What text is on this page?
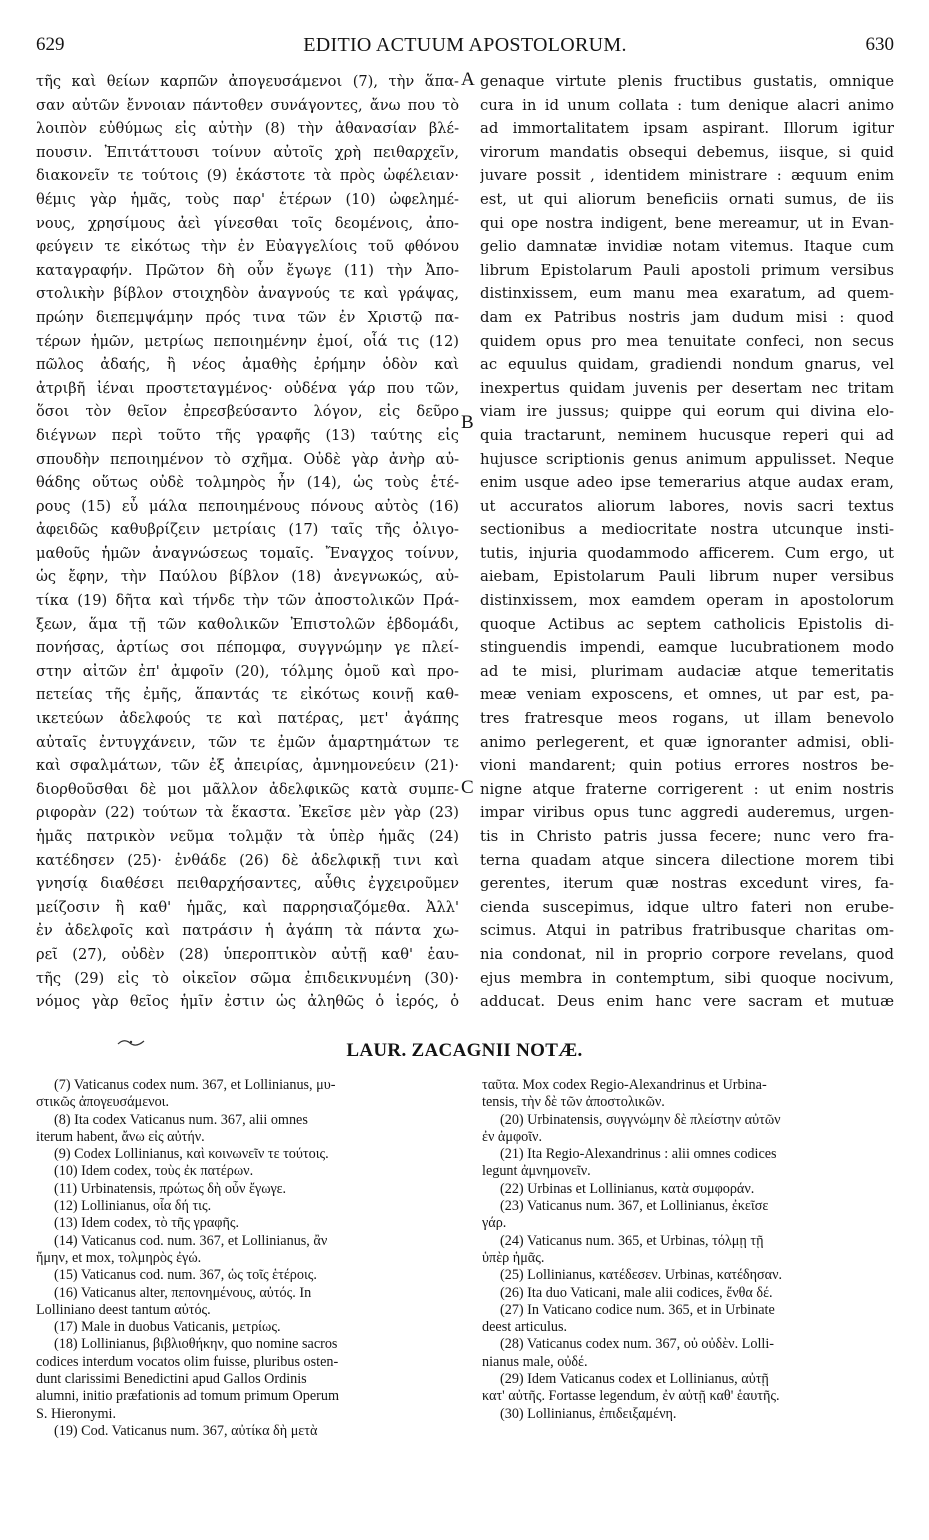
629	EDITIO ACTUUM APOSTOLORUM.	630
τῆς καὶ θείων καρπῶν ἀπογευσάμενοι (7), τὴν ἅπα-
σαν αὐτῶν ἔννοιαν πάντοθεν συνάγοντες, ἄνω που τὸ
λοιπὸν εὐθύμως εἰς αὐτὴν (8) τὴν ἀθανασίαν βλέ-
πουσιν. Ἐπιτάττουσι τοίνυν αὐτοῖς χρὴ πειθαρχεῖν,
διακονεῖν τε τούτοις (9) ἑκάστοτε τὰ πρὸς ὠφέλειαν·
θέμις γὰρ ἡμᾶς, τοὺς παρ' ἑτέρων (10) ὠφελημέ-
νους, χρησίμους ἀεὶ γίνεσθαι τοῖς δεομένοις, ἀπο-
φεύγειν τε εἰκότως τὴν ἐν Εὐαγγελίοις τοῦ φθόνου
καταγραφήν. Πρῶτον δὴ οὖν ἔγωγε (11) τὴν Ἀπο-
στολικὴν βίβλον στοιχηδὸν ἀναγνούς τε καὶ γράψας,
πρώην διεπεμψάμην πρός τινα τῶν ἐν Χριστῷ πα-
τέρων ἡμῶν, μετρίως πεποιημένην ἐμοί, οἷά τις (12)
πῶλος ἀδαής, ἢ νέος ἀμαθὴς ἐρήμην ὁδὸν καὶ
ἀτριβῆ ἰέναι προστεταγμένος· οὐδένα γάρ που τῶν,
ὅσοι τὸν θεῖον ἐπρεσβεύσαντο λόγον, εἰς δεῦρο
διέγνων περὶ τοῦτο τῆς γραφῆς (13) ταύτης εἰς
σπουδὴν πεποιημένον τὸ σχῆμα. Οὐδὲ γὰρ ἀνὴρ αὐ-
θάδης οὕτως οὐδὲ τολμηρὸς ἦν (14), ὡς τοὺς ἑτέ-
ρους (15) εὖ μάλα πεποιημένους πόνους αὐτὸς (16)
ἀφειδῶς καθυβρίζειν μετρίαις (17) ταῖς τῆς ὀλιγο-
μαθοῦς ἡμῶν ἀναγνώσεως τομαῖς. Ἔναγχος τοίνυν,
ὡς ἔφην, τὴν Παύλου βίβλον (18) ἀνεγνωκώς, αὐ-
τίκα (19) δῆτα καὶ τήνδε τὴν τῶν ἀποστολικῶν Πρά-
ξεων, ἅμα τῇ τῶν καθολικῶν Ἐπιστολῶν ἑβδομάδι,
πονήσας, ἀρτίως σοι πέπομφα, συγγνώμην γε πλεί-
στην αἰτῶν ἐπ' ἀμφοῖν (20), τόλμης ὁμοῦ καὶ προ-
πετείας τῆς ἐμῆς, ἅπαντάς τε εἰκότως κοινῇ καθ-
ικετεύων ἀδελφούς τε καὶ πατέρας, μετ' ἀγάπης
αὐταῖς ἐντυγχάνειν, τῶν τε ἐμῶν ἁμαρτημάτων τε
καὶ σφαλμάτων, τῶν ἐξ ἀπειρίας, ἀμνημονεύειν (21)·
διορθοῦσθαι δὲ μοι μᾶλλον ἀδελφικῶς κατὰ συμπε-
ριφορὰν (22) τούτων τὰ ἕκαστα. Ἐκεῖσε μὲν γὰρ (23)
ἡμᾶς πατρικὸν νεῦμα τολμᾷν τὰ ὑπὲρ ἡμᾶς (24)
κατέδησεν (25)· ἐνθάδε (26) δὲ ἀδελφικῇ τινι καὶ
γνησίᾳ διαθέσει πειθαρχήσαντες, αὖθις ἐγχειροῦμεν
μείζοσιν ἢ καθ' ἡμᾶς, καὶ παρρησιαζόμεθα. Ἀλλ'
ἐν ἀδελφοῖς καὶ πατράσιν ἡ ἀγάπη τὰ πάντα χω-
ρεῖ (27), οὐδὲν (28) ὑπεροπτικὸν αὐτῇ καθ' ἑαυ-
τῆς (29) εἰς τὸ οἰκεῖον σῶμα ἐπιδεικνυμένη (30)·
νόμος γὰρ θεῖος ἡμῖν ἐστιν ὡς ἀληθῶς ὁ ἱερός, ὁ
A
B
C
genaque virtute plenis fructibus gustatis, omnique
cura in id unum collata : tum denique alacri animo
ad immortalitatem ipsam aspirant. Illorum igitur
virorum mandatis obsequi debemus, iisque, si quid
juvare possit , identidem ministrare : æquum enim
est, ut qui aliorum beneficiis ornati sumus, de iis
qui ope nostra indigent, bene mereamur, ut in Evan-
gelio damnatæ invidiæ notam vitemus. Itaque cum
librum Epistolarum Pauli apostoli primum versibus
distinxissem, eum manu mea exaratum, ad quem-
dam ex Patribus nostris jam dudum misi : quod
quidem opus pro mea tenuitate confeci, non secus
ac equulus quidam, gradiendi nondum gnarus, vel
inexpertus quidam juvenis per desertam nec tritam
viam ire jussus; quippe qui eorum qui divina elo-
quia tractarunt, neminem hucusque reperi qui ad
hujusce scriptionis genus animum appulisset. Neque
enim usque adeo ipse temerarius atque audax eram,
ut accuratos aliorum labores, novis sacri textus
sectionibus a mediocritate nostra utcunque insti-
tutis, injuria quodammodo afficerem. Cum ergo, ut
aiebam, Epistolarum Pauli librum nuper versibus
distinxissem, mox eamdem operam in apostolorum
quoque Actibus ac septem catholicis Epistolis di-
stinguendis impendi, eamque lucubrationem modo
ad te misi, plurimam audaciæ atque temeritatis
meæ veniam exposcens, et omnes, ut par est, pa-
tres fratresque meos rogans, ut illam benevolo
animo perlegerent, et quæ ignoranter admisi, obli-
vioni mandarent; quin potius errores nostros be-
nigne atque fraterne corrigerent : ut enim nostris
impar viribus opus tunc aggredi auderemus, urgen-
tis in Christo patris jussa fecere; nunc vero fra-
terna quadam atque sincera dilectione morem tibi
gerentes, iterum quæ nostras excedunt vires, fa-
cienda suscepimus, idque ultro fateri non erube-
scimus. Atqui in patribus fratribusque charitas om-
nia condonat, nil in proprio corpore revelans, quod
ejus membra in contemptum, sibi quoque nocivum,
adducat. Deus enim hanc vere sacram et mutuæ
LAUR. ZACAGNII NOTÆ.
(7) Vaticanus codex num. 367, et Lollinianus, μυ-
στικῶς ἀπογευσάμενοι.
(8) Ita codex Vaticanus num. 367, alii omnes
iterum habent, ἄνω εἰς αὐτήν.
(9) Codex Lollinianus, καὶ κοινωνεῖν τε τούτοις.
(10) Idem codex, τοὺς ἐκ πατέρων.
(11) Urbinatensis, πρώτως δὴ οὖν ἔγωγε.
(12) Lollinianus, οἷα δή τις.
(13) Idem codex, τὸ τῆς γραφῆς.
(14) Vaticanus cod. num. 367, et Lollinianus, ἂν
ἤμην, et mox, τολμηρὸς ἐγώ.
(15) Vaticanus cod. num. 367, ὡς τοῖς ἑτέροις.
(16) Vaticanus alter, πεπονημένους, αὐτός. In
Lolliniano deest tantum αὐτός.
(17) Male in duobus Vaticanis, μετρίως.
(18) Lollinianus, βιβλιοθήκην, quo nomine sacros
codices interdum vocatos olim fuisse, pluribus osten-
dunt clarissimi Benedictini apud Gallos Ordinis
alumni, initio præfationis ad tomum primum Operum
S. Hieronymi.
(19) Cod. Vaticanus num. 367, αὐτίκα δὴ μετὰ
ταῦτα. Mox codex Regio-Alexandrinus et Urbina-
tensis, τὴν δὲ τῶν ἀποστολικῶν.
(20) Urbinatensis, συγγνώμην δὲ πλείστην αὐτῶν
ἐν ἀμφοῖν.
(21) Ita Regio-Alexandrinus : alii omnes codices
legunt ἀμνημονεῖν.
(22) Urbinas et Lollinianus, κατὰ συμφοράν.
(23) Vaticanus num. 367, et Lollinianus, ἐκεῖσε
γάρ.
(24) Vaticanus num. 365, et Urbinas, τόλμῃ τῇ
ὑπὲρ ἡμᾶς.
(25) Lollinianus, κατέδεσεν. Urbinas, κατέδησαν.
(26) Ita duo Vaticani, male alii codices, ἔνθα δέ.
(27) In Vaticano codice num. 365, et in Urbinate
deest articulus.
(28) Vaticanus codex num. 367, οὐ οὐδὲν. Lolli-
nianus male, οὐδέ.
(29) Idem Vaticanus codex et Lollinianus, αὐτῇ
κατ' αὐτῆς. Fortasse legendum, ἐν αὐτῇ καθ' ἑαυτῆς.
(30) Lollinianus, ἐπιδειξαμένη.
